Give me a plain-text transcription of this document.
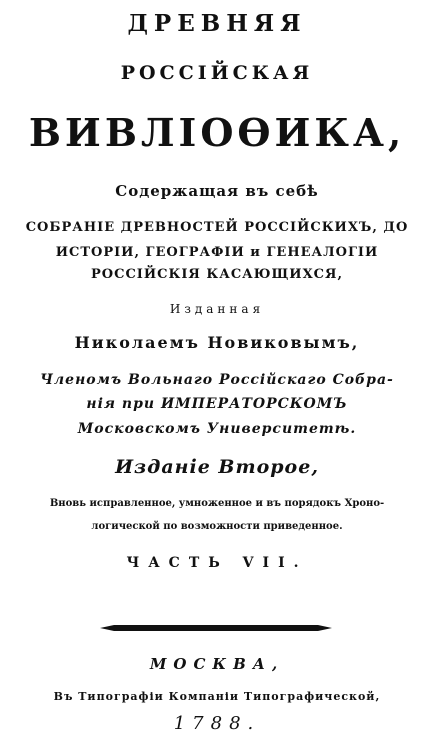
ДРЕВНЯЯ
РОССІЙСКАЯ
ВИВЛІОӨИКА,
Содержащая въ себѣ
СОБРАНІЕ ДРЕВНОСТЕЙ РОССІЙСКИХЪ, ДО
ИСТОРІИ, ГЕОГРАФІИ и ГЕНЕАЛОГІИ
РОССІЙСКІЯ КАСАЮЩИХСЯ,
Изданная
Николаемъ Новиковымъ,
Членомъ Вольнаго Россійскаго Собра-
нія при ИМПЕРАТОРСКОМЪ
Московскомъ Университетѣ.
Изданіе Второе,
Вновь исправленное, умноженное и въ порядокъ Хроно-
логической по возможности приведенное.
ЧАСТЬ VII.
МОСКВА,
Въ Типографіи Компаніи Типографической,
1788.
